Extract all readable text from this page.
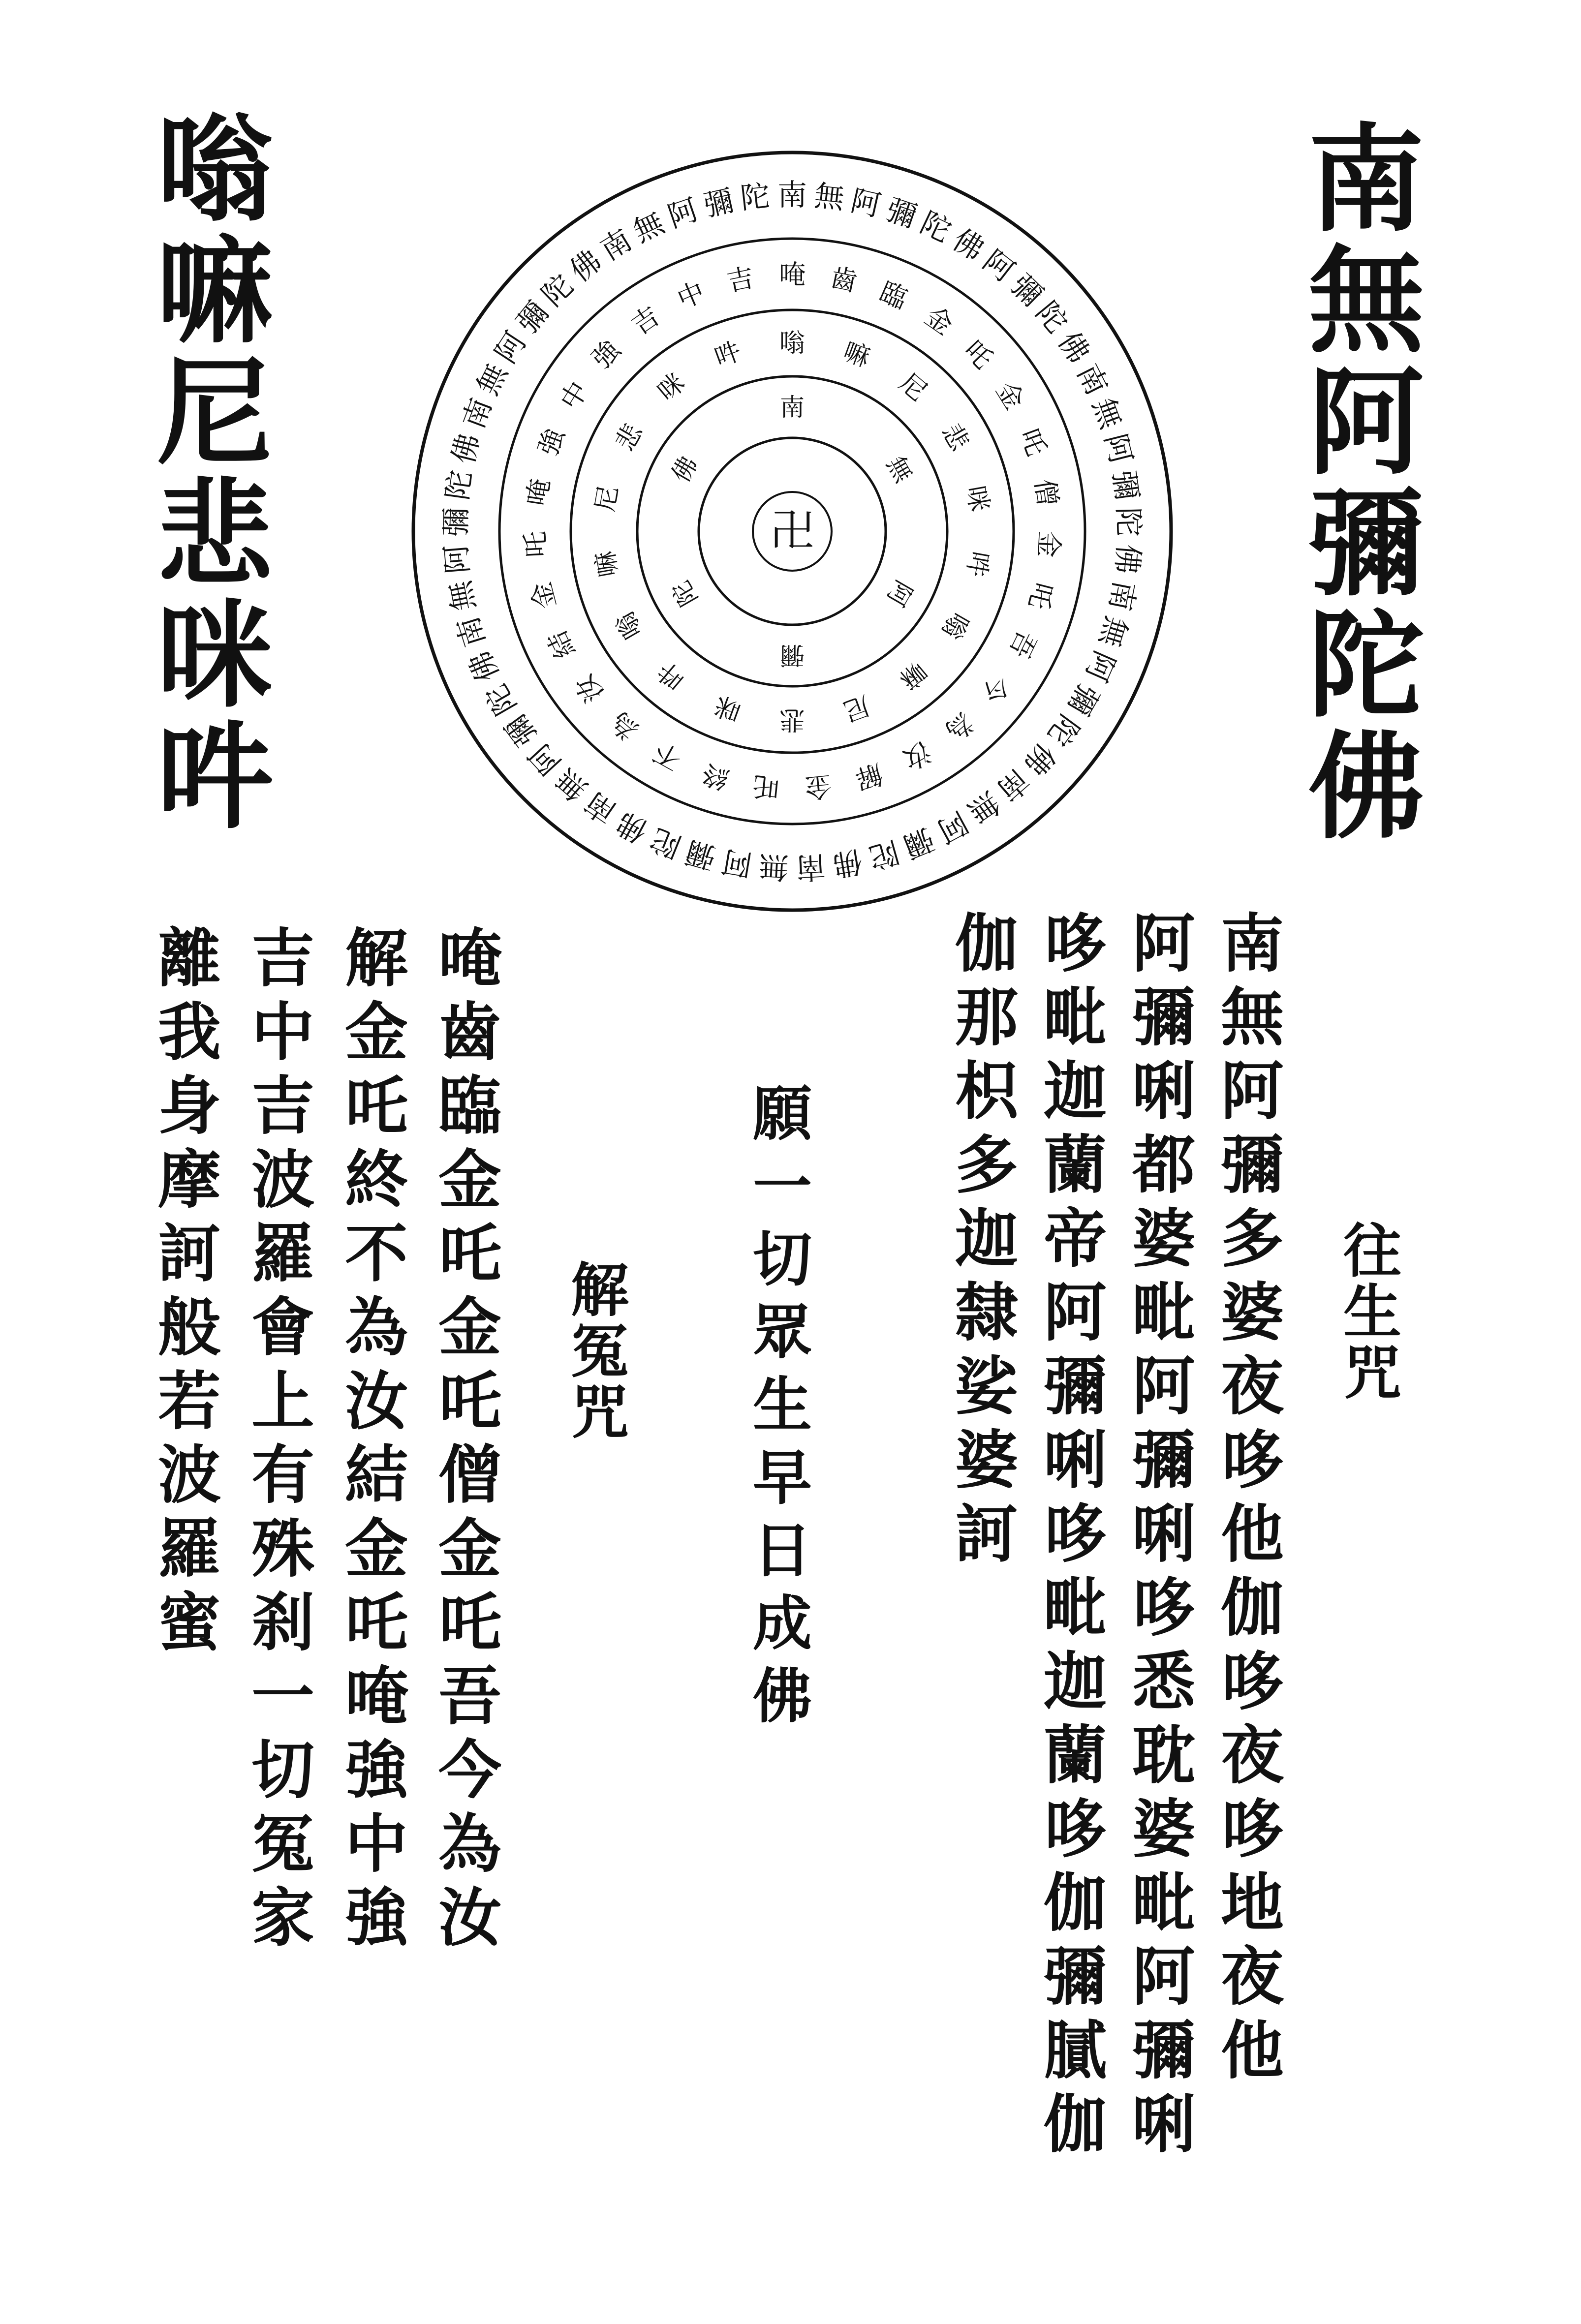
嗡嘛尼悲咪吽	南無阿彌陀佛
南 無 阿
彌
陀
佛
阿
彌
陀
佛
南
無
阿
彌
陀
佛
南
無
阿
彌
陀
佛
南
無
阿
彌
陀
佛
南
無
阿
彌
陀
佛
南
無
阿
彌
陀
佛
南
無
阿
彌
陀
佛
南
無
阿
彌
陀
佛
南
無
阿
彌 陀
唵 齒 臨
金
吒
金
吒
僧
金
吒
吾
今
為
汝
解
金
吒
終
不
為
汝
結
金
吒
唵
強
中
強
吉
中 吉
嗡 嘛
尼
悲
咪
吽
嗡
嘛
尼
悲
咪
吽
嗡
嘛
尼
悲
咪
吽
南
無
阿
彌
陀
佛
卍
往生咒
南無阿彌多婆夜哆他伽哆夜哆地夜他
阿彌唎都婆毗阿彌唎哆悉耽婆毗阿彌唎
哆毗迦蘭帝阿彌唎哆毗迦蘭哆伽彌膩伽
伽那枳多迦隸娑婆訶
願一切眾生早日成佛
解冤咒
唵齒臨金吒金吒僧金吒吾今為汝
解金吒終不為汝結金吒唵強中強
吉中吉波羅會上有殊刹一切冤家
離我身摩訶般若波羅蜜
